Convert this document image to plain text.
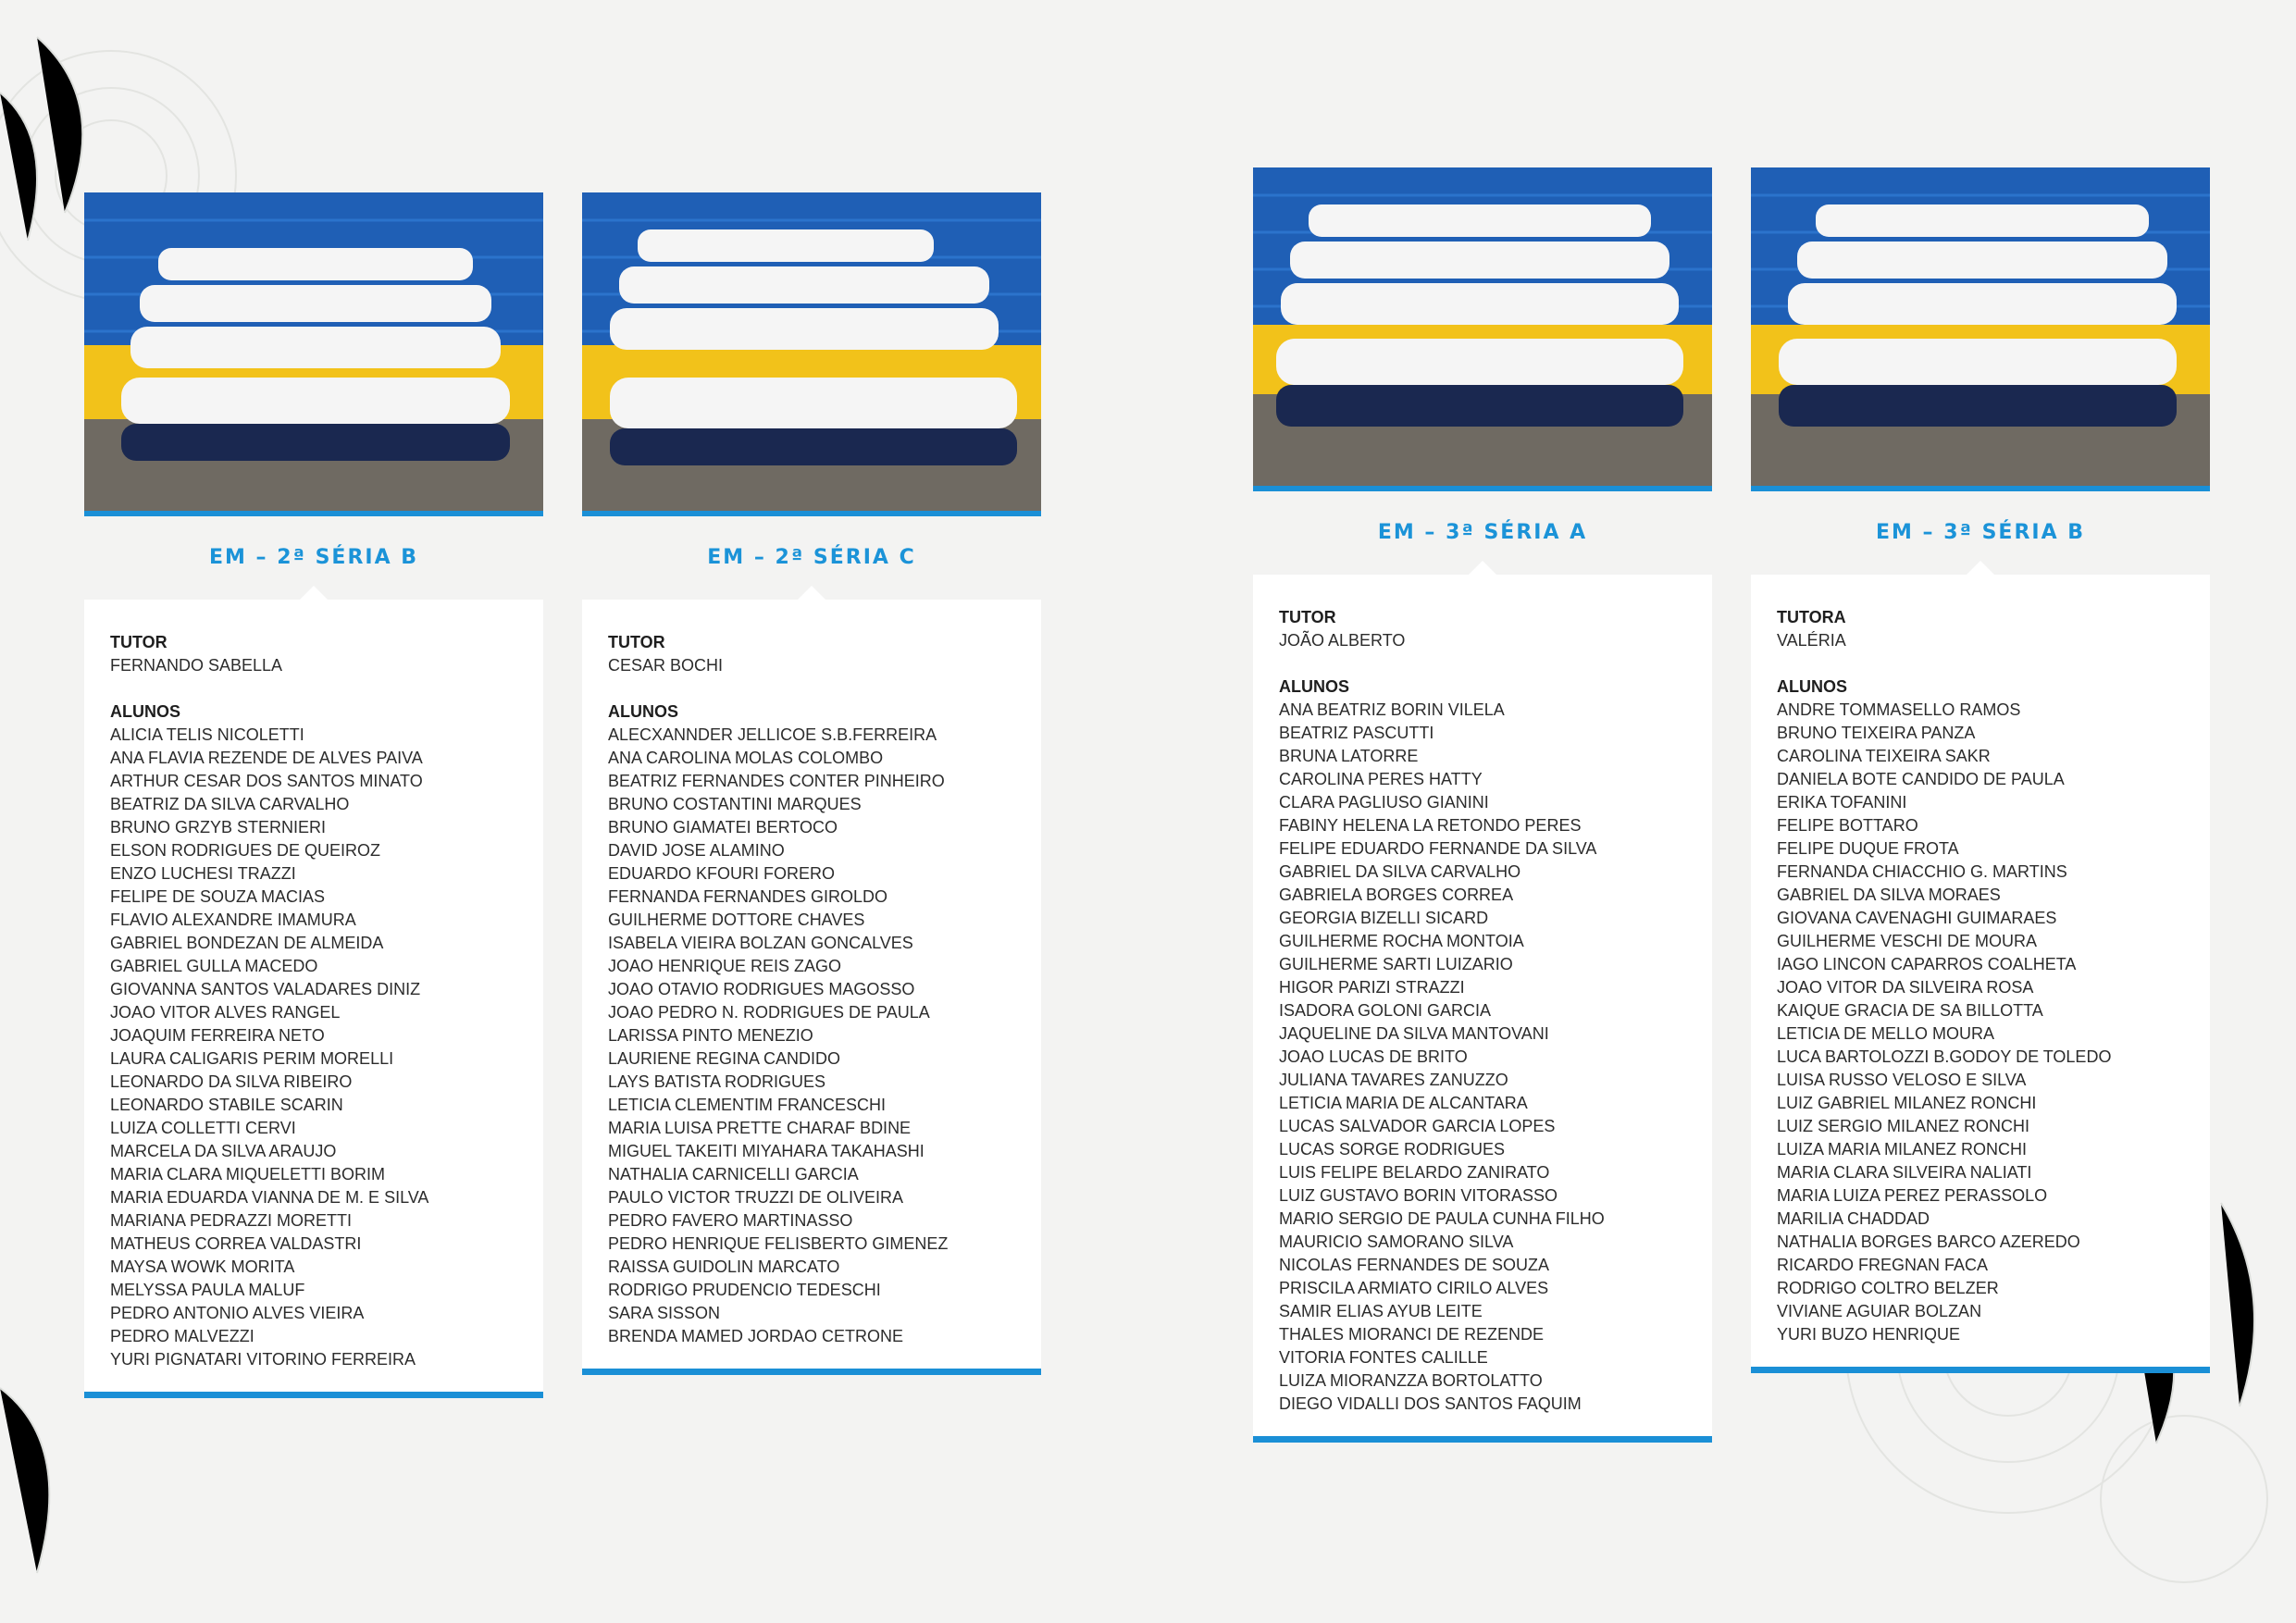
EM – 2ª SÉRIA B
TUTOR
FERNANDO SABELLA
ALUNOS
ALICIA TELIS NICOLETTI
ANA FLAVIA REZENDE DE ALVES PAIVA
ARTHUR CESAR DOS SANTOS MINATO
BEATRIZ DA SILVA CARVALHO
BRUNO GRZYB STERNIERI
ELSON RODRIGUES DE QUEIROZ
ENZO LUCHESI TRAZZI
FELIPE DE SOUZA MACIAS
FLAVIO ALEXANDRE IMAMURA
GABRIEL BONDEZAN DE ALMEIDA
GABRIEL GULLA MACEDO
GIOVANNA SANTOS VALADARES DINIZ
JOAO VITOR ALVES RANGEL
JOAQUIM FERREIRA NETO
LAURA CALIGARIS PERIM MORELLI
LEONARDO DA SILVA RIBEIRO
LEONARDO STABILE SCARIN
LUIZA COLLETTI CERVI
MARCELA DA SILVA ARAUJO
MARIA CLARA MIQUELETTI BORIM
MARIA EDUARDA VIANNA DE M. E SILVA
MARIANA PEDRAZZI MORETTI
MATHEUS CORREA VALDASTRI
MAYSA WOWK MORITA
MELYSSA PAULA MALUF
PEDRO ANTONIO ALVES VIEIRA
PEDRO MALVEZZI
YURI PIGNATARI VITORINO FERREIRA
EM – 2ª SÉRIA C
TUTOR
CESAR BOCHI
ALUNOS
ALECXANNDER JELLICOE S.B.FERREIRA
ANA CAROLINA MOLAS COLOMBO
BEATRIZ FERNANDES CONTER PINHEIRO
BRUNO COSTANTINI MARQUES
BRUNO GIAMATEI BERTOCO
DAVID JOSE ALAMINO
EDUARDO KFOURI FORERO
FERNANDA FERNANDES GIROLDO
GUILHERME DOTTORE CHAVES
ISABELA VIEIRA BOLZAN GONCALVES
JOAO HENRIQUE REIS ZAGO
JOAO OTAVIO RODRIGUES MAGOSSO
JOAO PEDRO N. RODRIGUES DE PAULA
LARISSA PINTO MENEZIO
LAURIENE REGINA CANDIDO
LAYS BATISTA RODRIGUES
LETICIA CLEMENTIM FRANCESCHI
MARIA LUISA PRETTE CHARAF BDINE
MIGUEL TAKEITI MIYAHARA TAKAHASHI
NATHALIA CARNICELLI GARCIA
PAULO VICTOR TRUZZI DE OLIVEIRA
PEDRO FAVERO MARTINASSO
PEDRO HENRIQUE FELISBERTO GIMENEZ
RAISSA GUIDOLIN MARCATO
RODRIGO PRUDENCIO TEDESCHI
SARA SISSON
BRENDA MAMED JORDAO CETRONE
EM – 3ª SÉRIA A
TUTOR
JOÃO ALBERTO
ALUNOS
ANA BEATRIZ BORIN VILELA
BEATRIZ PASCUTTI
BRUNA LATORRE
CAROLINA PERES HATTY
CLARA PAGLIUSO GIANINI
FABINY HELENA LA RETONDO PERES
FELIPE EDUARDO FERNANDE DA SILVA
GABRIEL DA SILVA CARVALHO
GABRIELA BORGES CORREA
GEORGIA BIZELLI SICARD
GUILHERME ROCHA MONTOIA
GUILHERME SARTI LUIZARIO
HIGOR PARIZI STRAZZI
ISADORA GOLONI GARCIA
JAQUELINE DA SILVA MANTOVANI
JOAO LUCAS DE BRITO
JULIANA TAVARES ZANUZZO
LETICIA MARIA DE ALCANTARA
LUCAS SALVADOR GARCIA LOPES
LUCAS SORGE RODRIGUES
LUIS FELIPE BELARDO ZANIRATO
LUIZ GUSTAVO BORIN VITORASSO
MARIO SERGIO DE PAULA CUNHA FILHO
MAURICIO SAMORANO SILVA
NICOLAS FERNANDES DE SOUZA
PRISCILA ARMIATO CIRILO ALVES
SAMIR ELIAS AYUB LEITE
THALES MIORANCI DE REZENDE
VITORIA FONTES CALILLE
LUIZA MIORANZZA BORTOLATTO
DIEGO VIDALLI DOS SANTOS FAQUIM
EM – 3ª SÉRIA B
TUTORA
VALÉRIA
ALUNOS
ANDRE TOMMASELLO RAMOS
BRUNO TEIXEIRA PANZA
CAROLINA TEIXEIRA SAKR
DANIELA BOTE CANDIDO DE PAULA
ERIKA TOFANINI
FELIPE BOTTARO
FELIPE DUQUE FROTA
FERNANDA CHIACCHIO G. MARTINS
GABRIEL DA SILVA MORAES
GIOVANA CAVENAGHI GUIMARAES
GUILHERME VESCHI DE MOURA
IAGO LINCON CAPARROS COALHETA
JOAO VITOR DA SILVEIRA ROSA
KAIQUE GRACIA DE SA BILLOTTA
LETICIA DE MELLO MOURA
LUCA BARTOLOZZI B.GODOY DE TOLEDO
LUISA RUSSO VELOSO E SILVA
LUIZ GABRIEL MILANEZ RONCHI
LUIZ SERGIO MILANEZ RONCHI
LUIZA MARIA MILANEZ RONCHI
MARIA CLARA SILVEIRA NALIATI
MARIA LUIZA PEREZ PERASSOLO
MARILIA CHADDAD
NATHALIA BORGES BARCO AZEREDO
RICARDO FREGNAN FACA
RODRIGO COLTRO BELZER
VIVIANE AGUIAR BOLZAN
YURI BUZO HENRIQUE
